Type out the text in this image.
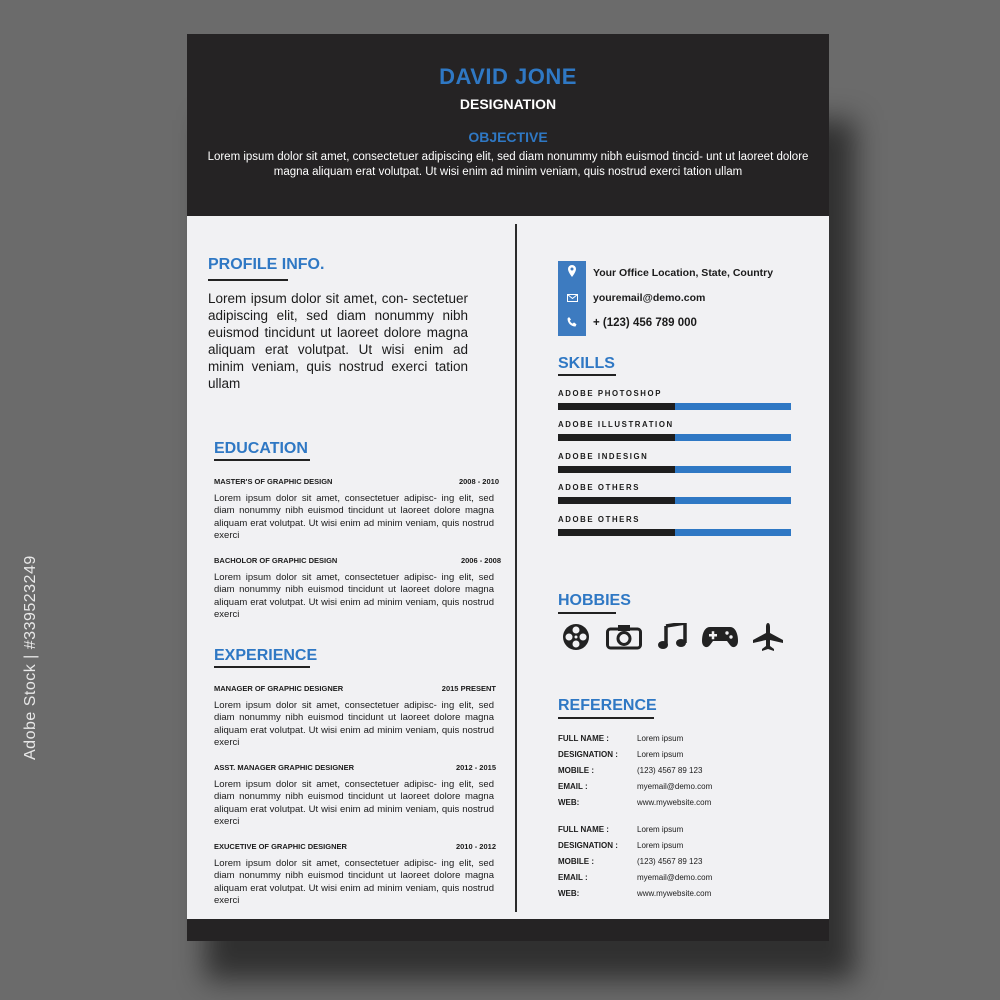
DAVID JONE
DESIGNATION
OBJECTIVE
Lorem ipsum dolor sit amet, consectetuer adipiscing elit, sed diam nonummy nibh euismod tincid- unt ut laoreet dolore magna aliquam erat volutpat. Ut wisi enim ad minim veniam, quis nostrud exerci tation ullam
PROFILE INFO.
Lorem ipsum dolor sit amet, con- sectetuer adipiscing elit, sed diam nonummy nibh euismod tincidunt ut laoreet dolore magna aliquam erat volutpat. Ut wisi enim ad minim veniam, quis nostrud exerci tation ullam
EDUCATION
MASTER'S OF GRAPHIC DESIGN	2008 - 2010
Lorem ipsum dolor sit amet, consectetuer adipisc- ing elit, sed diam nonummy nibh euismod tincidunt ut laoreet dolore magna aliquam erat volutpat. Ut wisi enim ad minim veniam, quis nostrud exerci
BACHOLOR OF GRAPHIC DESIGN	2006 - 2008
Lorem ipsum dolor sit amet, consectetuer adipisc- ing elit, sed diam nonummy nibh euismod tincidunt ut laoreet dolore magna aliquam erat volutpat. Ut wisi enim ad minim veniam, quis nostrud exerci
EXPERIENCE
MANAGER OF GRAPHIC DESIGNER	2015 PRESENT
Lorem ipsum dolor sit amet, consectetuer adipisc- ing elit, sed diam nonummy nibh euismod tincidunt ut laoreet dolore magna aliquam erat volutpat. Ut wisi enim ad minim veniam, quis nostrud exerci
ASST. MANAGER GRAPHIC DESIGNER	2012 - 2015
Lorem ipsum dolor sit amet, consectetuer adipisc- ing elit, sed diam nonummy nibh euismod tincidunt ut laoreet dolore magna aliquam erat volutpat. Ut wisi enim ad minim veniam, quis nostrud exerci
EXUCETIVE OF GRAPHIC DESIGNER	2010 - 2012
Lorem ipsum dolor sit amet, consectetuer adipisc- ing elit, sed diam nonummy nibh euismod tincidunt ut laoreet dolore magna aliquam erat volutpat. Ut wisi enim ad minim veniam, quis nostrud exerci
Your Office Location, State, Country
youremail@demo.com
+ (123) 456 789 000
SKILLS
ADOBE PHOTOSHOP
ADOBE ILLUSTRATION
ADOBE INDESIGN
ADOBE OTHERS
ADOBE OTHERS
HOBBIES
REFERENCE
FULL NAME :	Lorem ipsum
DESIGNATION : Lorem ipsum
MOBILE :	(123) 4567 89 123
EMAIL :	myemail@demo.com
WEB:	www.mywebsite.com
FULL NAME :	Lorem ipsum
DESIGNATION : Lorem ipsum
MOBILE :	(123) 4567 89 123
EMAIL :	myemail@demo.com
WEB:	www.mywebsite.com
Adobe Stock | #339523249
